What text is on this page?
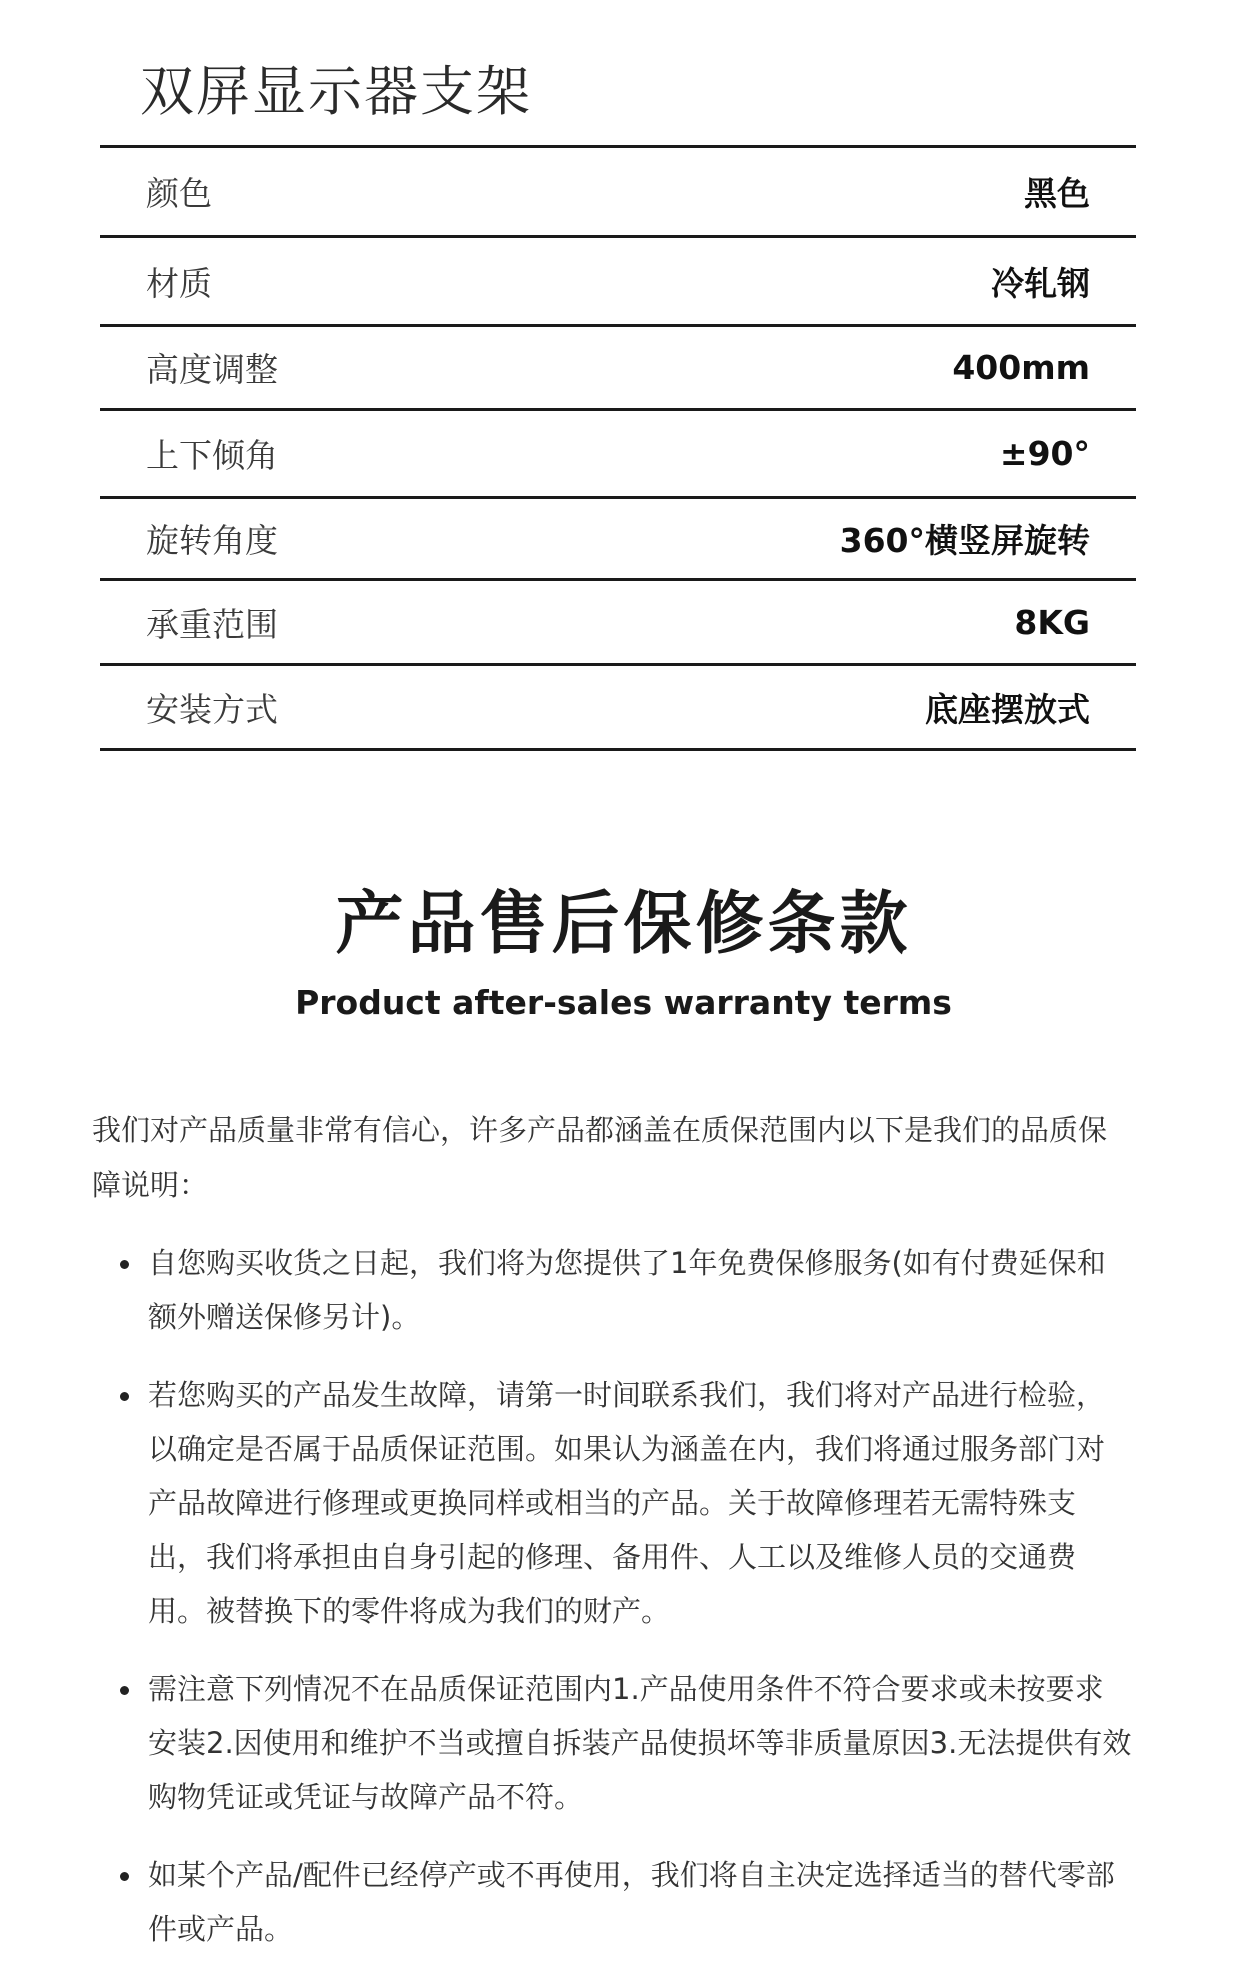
双屏显示器支架
颜色	黑色
材质	冷轧钢
高度调整	400mm
上下倾角	±90°
旋转角度	360°横竖屏旋转
承重范围	8KG
安装方式	底座摆放式
产品售后保修条款
Product after-sales warranty terms
我们对产品质量非常有信心，许多产品都涵盖在质保范围内以下是我们的品质保障说明：
自您购买收货之日起，我们将为您提供了1年免费保修服务(如有付费延保和额外赠送保修另计)。
若您购买的产品发生故障，请第一时间联系我们，我们将对产品进行检验，以确定是否属于品质保证范围。如果认为涵盖在内，我们将通过服务部门对产品故障进行修理或更换同样或相当的产品。关于故障修理若无需特殊支出，我们将承担由自身引起的修理、备用件、人工以及维修人员的交通费用。被替换下的零件将成为我们的财产。
需注意下列情况不在品质保证范围内1.产品使用条件不符合要求或未按要求安装2.因使用和维护不当或擅自拆装产品使损坏等非质量原因3.无法提供有效购物凭证或凭证与故障产品不符。
如某个产品/配件已经停产或不再使用，我们将自主决定选择适当的替代零部件或产品。
